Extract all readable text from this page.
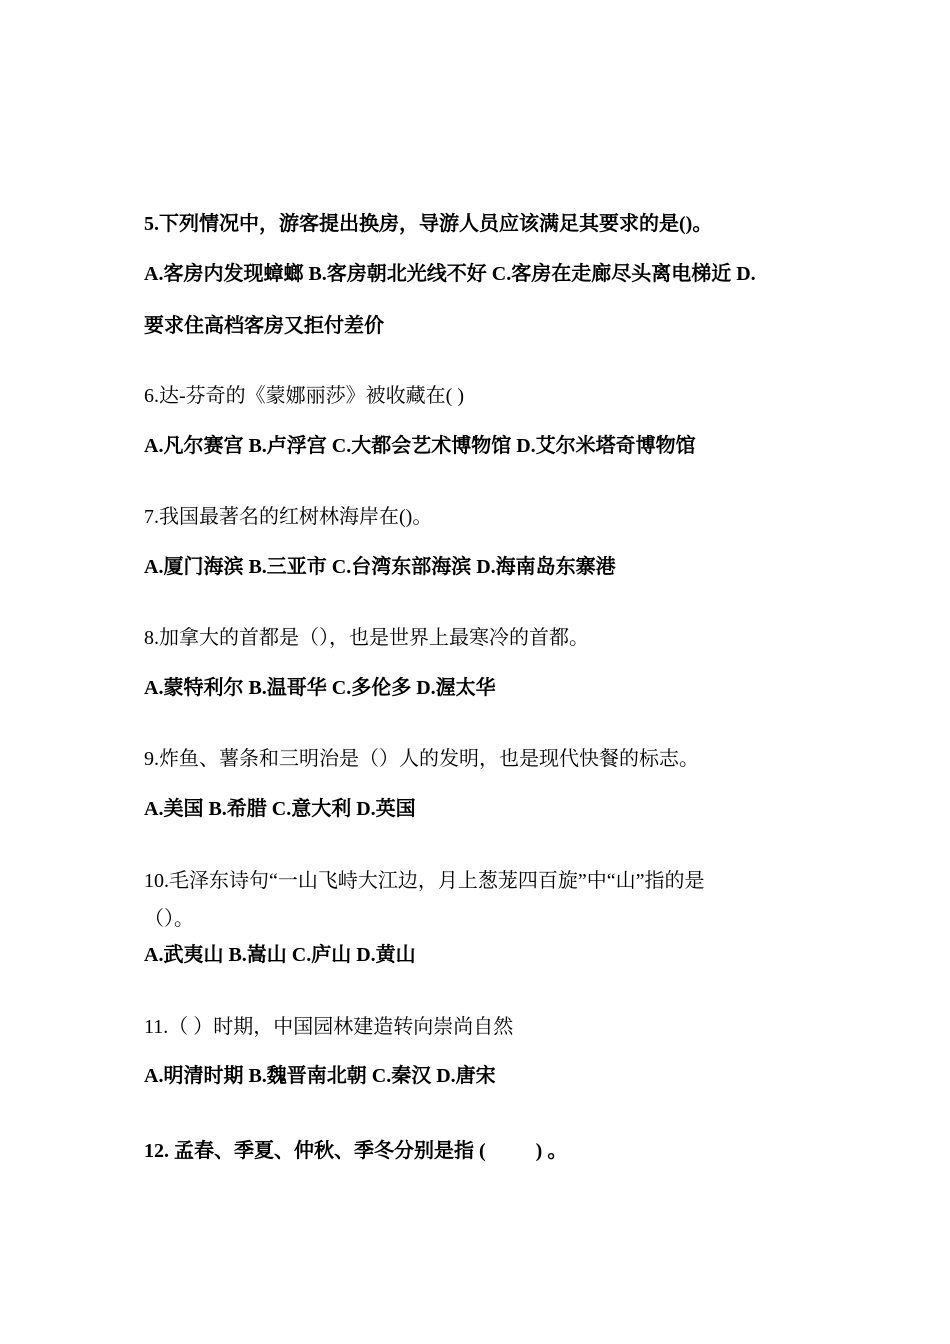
5.下列情况中，游客提出换房，导游人员应该满足其要求的是()。
A.客房内发现蟑螂 B.客房朝北光线不好 C.客房在走廊尽头离电梯近 D.
要求住高档客房又拒付差价
6.达-芬奇的《蒙娜丽莎》被收藏在( )
A.凡尔赛宫 B.卢浮宫 C.大都会艺术博物馆 D.艾尔米塔奇博物馆
7.我国最著名的红树林海岸在()。
A.厦门海滨 B.三亚市 C.台湾东部海滨 D.海南岛东寨港
8.加拿大的首都是（），也是世界上最寒冷的首都。
A.蒙特利尔 B.温哥华 C.多伦多 D.渥太华
9.炸鱼、薯条和三明治是（）人的发明，也是现代快餐的标志。
A.美国 B.希腊 C.意大利 D.英国
10.毛泽东诗句“一山飞峙大江边，月上葱茏四百旋”中“山”指的是
（）。
A.武夷山 B.嵩山 C.庐山 D.黄山
11.（ ）时期，中国园林建造转向崇尚自然
A.明清时期 B.魏晋南北朝 C.秦汉 D.唐宋
12. 孟春、季夏、仲秋、季冬分别是指 (          ) 。
